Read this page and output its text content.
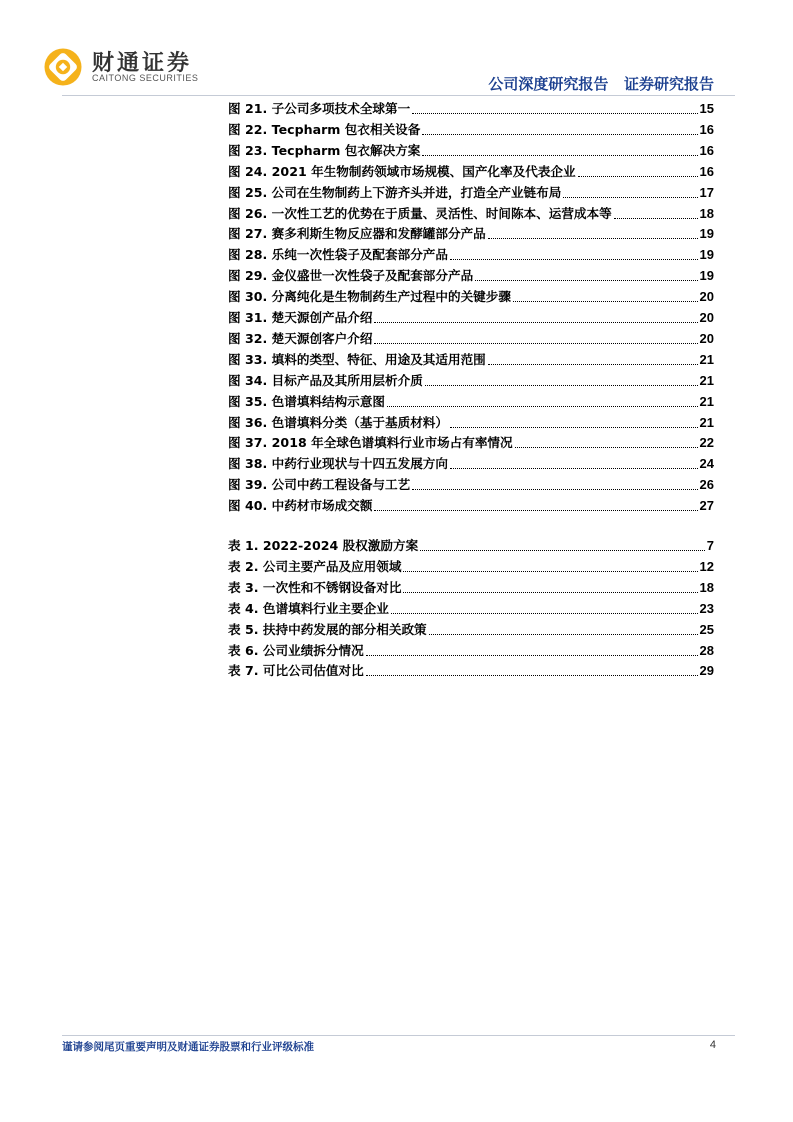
财通证券
CAITONG SECURITIES	公司深度研究报告   证券研究报告
图 21. 子公司多项技术全球第一	15
图 22. Tecpharm 包衣相关设备	16
图 23. Tecpharm 包衣解决方案	16
图 24. 2021 年生物制药领域市场规模、国产化率及代表企业	16
图 25. 公司在生物制药上下游齐头并进，打造全产业链布局	17
图 26. 一次性工艺的优势在于质量、灵活性、时间陈本、运营成本等	18
图 27. 赛多利斯生物反应器和发酵罐部分产品	19
图 28. 乐纯一次性袋子及配套部分产品	19
图 29. 金仪盛世一次性袋子及配套部分产品	19
图 30. 分离纯化是生物制药生产过程中的关键步骤	20
图 31. 楚天源创产品介绍	20
图 32. 楚天源创客户介绍	20
图 33. 填料的类型、特征、用途及其适用范围	21
图 34. 目标产品及其所用层析介质	21
图 35. 色谱填料结构示意图	21
图 36. 色谱填料分类（基于基质材料）	21
图 37. 2018 年全球色谱填料行业市场占有率情况	22
图 38. 中药行业现状与十四五发展方向	24
图 39. 公司中药工程设备与工艺	26
图 40. 中药材市场成交额	27
表 1. 2022-2024 股权激励方案	7
表 2. 公司主要产品及应用领域	12
表 3. 一次性和不锈钢设备对比	18
表 4. 色谱填料行业主要企业	23
表 5. 扶持中药发展的部分相关政策	25
表 6. 公司业绩拆分情况	28
表 7. 可比公司估值对比	29
谨请参阅尾页重要声明及财通证券股票和行业评级标准	4
